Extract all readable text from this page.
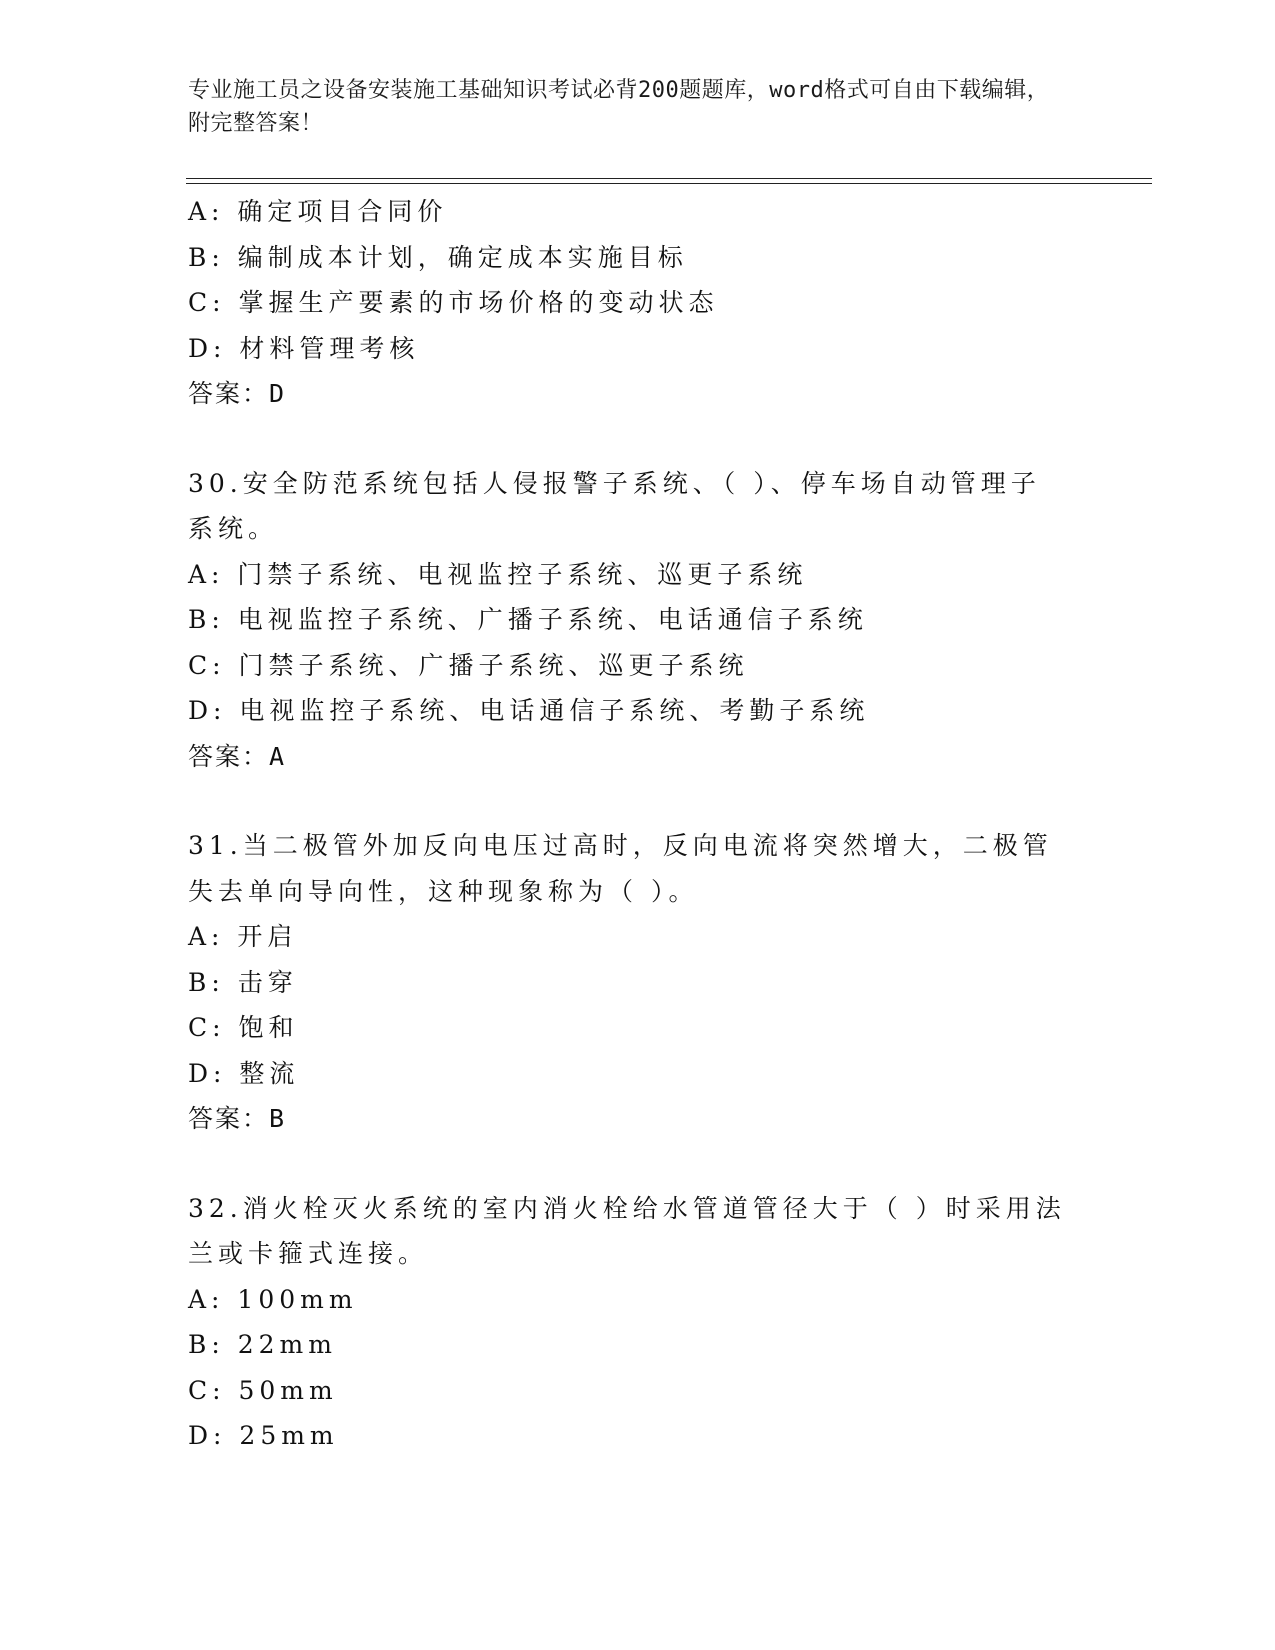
专业施工员之设备安装施工基础知识考试必背200题题库，word格式可自由下载编辑，附完整答案！
A: 确定项目合同价
B: 编制成本计划，确定成本实施目标
C: 掌握生产要素的市场价格的变动状态
D: 材料管理考核
答案：D
30.安全防范系统包括人侵报警子系统、（ ）、停车场自动管理子系统。
A: 门禁子系统、电视监控子系统、巡更子系统
B: 电视监控子系统、广播子系统、电话通信子系统
C: 门禁子系统、广播子系统、巡更子系统
D: 电视监控子系统、电话通信子系统、考勤子系统
答案：A
31.当二极管外加反向电压过高时，反向电流将突然增大，二极管失去单向导向性，这种现象称为（ ）。
A: 开启
B: 击穿
C: 饱和
D: 整流
答案：B
32.消火栓灭火系统的室内消火栓给水管道管径大于（ ）时采用法兰或卡箍式连接。
A: 100mm
B: 22mm
C: 50mm
D: 25mm
